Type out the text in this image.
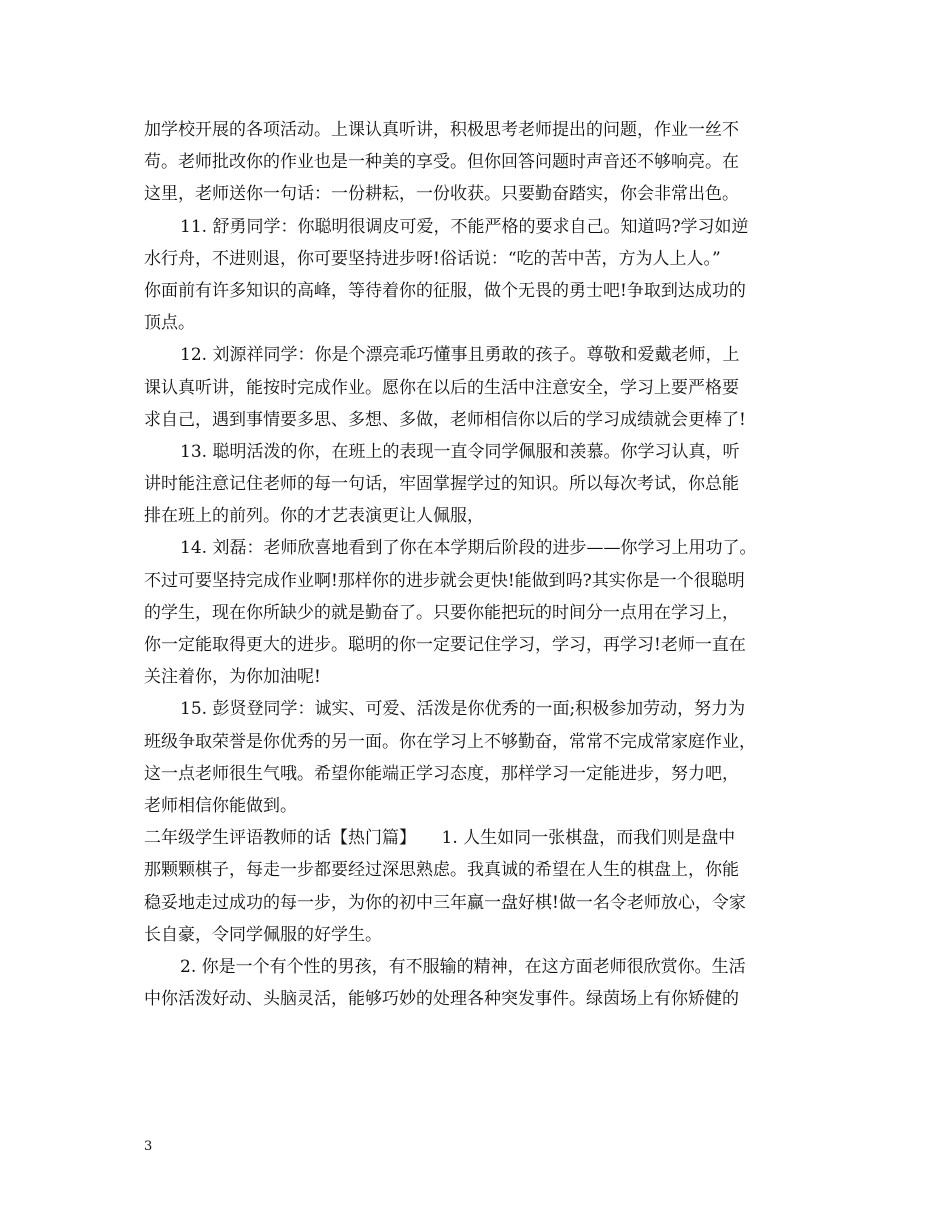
加学校开展的各项活动。上课认真听讲，积极思考老师提出的问题，作业一丝不
苟。老师批改你的作业也是一种美的享受。但你回答问题时声音还不够响亮。在
这里，老师送你一句话：一份耕耘，一份收获。只要勤奋踏实，你会非常出色。
11. 舒勇同学：你聪明很调皮可爱，不能严格的要求自己。知道吗?学习如逆
水行舟，不进则退，你可要坚持进步呀!俗话说：“吃的苦中苦，方为人上人。”
你面前有许多知识的高峰，等待着你的征服，做个无畏的勇士吧!争取到达成功的
顶点。
12. 刘源祥同学：你是个漂亮乖巧懂事且勇敢的孩子。尊敬和爱戴老师，上
课认真听讲，能按时完成作业。愿你在以后的生活中注意安全，学习上要严格要
求自己，遇到事情要多思、多想、多做，老师相信你以后的学习成绩就会更棒了!
13. 聪明活泼的你，在班上的表现一直令同学佩服和羡慕。你学习认真，听
讲时能注意记住老师的每一句话，牢固掌握学过的知识。所以每次考试，你总能
排在班上的前列。你的才艺表演更让人佩服，
14. 刘磊：老师欣喜地看到了你在本学期后阶段的进步——你学习上用功了。
不过可要坚持完成作业啊!那样你的进步就会更快!能做到吗?其实你是一个很聪明
的学生，现在你所缺少的就是勤奋了。只要你能把玩的时间分一点用在学习上，
你一定能取得更大的进步。聪明的你一定要记住学习，学习，再学习!老师一直在
关注着你，为你加油呢!
15. 彭贤登同学：诚实、可爱、活泼是你优秀的一面;积极参加劳动，努力为
班级争取荣誉是你优秀的另一面。你在学习上不够勤奋，常常不完成常家庭作业，
这一点老师很生气哦。希望你能端正学习态度，那样学习一定能进步，努力吧，
老师相信你能做到。
二年级学生评语教师的话【热门篇】　　1. 人生如同一张棋盘，而我们则是盘中
那颗颗棋子，每走一步都要经过深思熟虑。我真诚的希望在人生的棋盘上，你能
稳妥地走过成功的每一步，为你的初中三年赢一盘好棋!做一名令老师放心，令家
长自豪，令同学佩服的好学生。
2. 你是一个有个性的男孩，有不服输的精神，在这方面老师很欣赏你。生活
中你活泼好动、头脑灵活，能够巧妙的处理各种突发事件。绿茵场上有你矫健的
3
